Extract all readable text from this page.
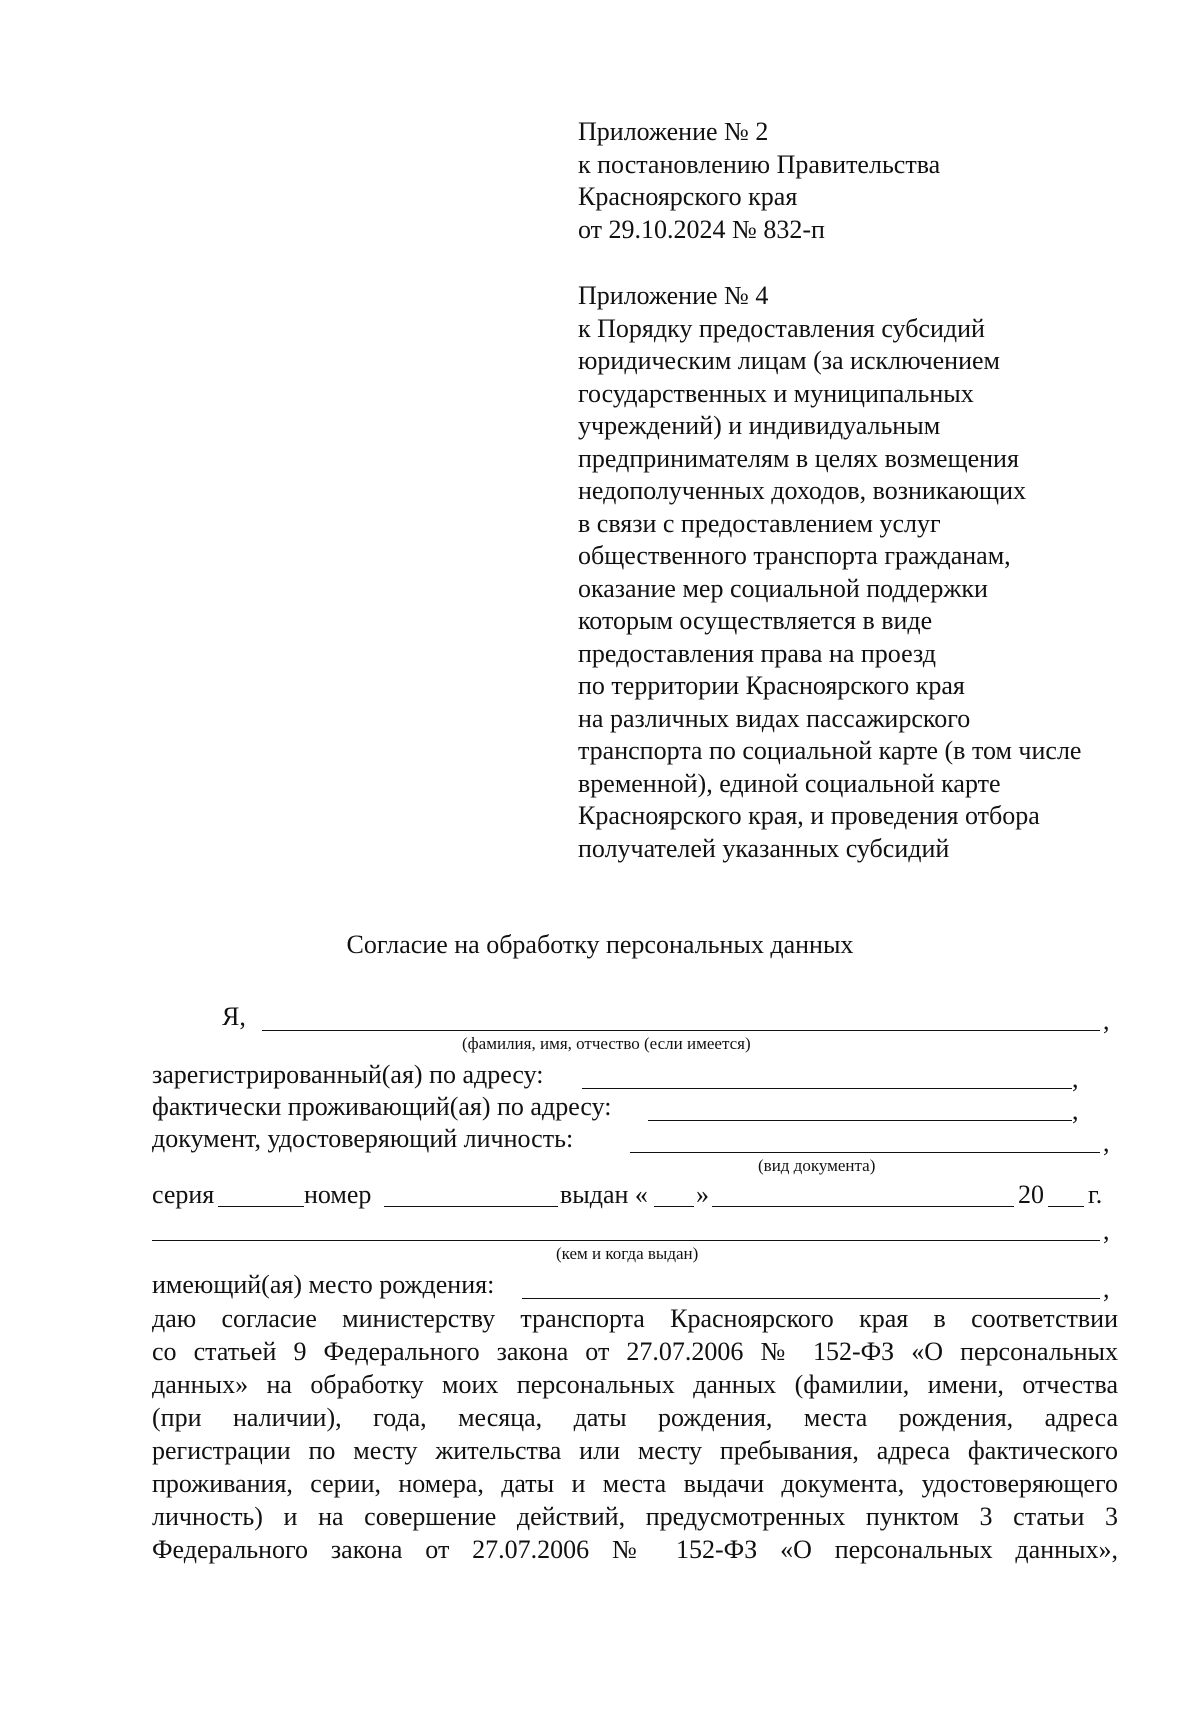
Приложение № 2
к постановлению Правительства
Красноярского края
от 29.10.2024 № 832-п
Приложение № 4
к Порядку предоставления субсидий
юридическим лицам (за исключением
государственных и муниципальных
учреждений) и индивидуальным
предпринимателям в целях возмещения
недополученных доходов, возникающих
в связи с предоставлением услуг
общественного транспорта гражданам,
оказание мер социальной поддержки
которым осуществляется в виде
предоставления права на проезд
по территории Красноярского края
на различных видах пассажирского
транспорта по социальной карте (в том числе
временной), единой социальной карте
Красноярского края, и проведения отбора
получателей указанных субсидий
Согласие на обработку персональных данных
Я,	,
(фамилия, имя, отчество (если имеется)
зарегистрированный(ая) по адресу:	,
фактически проживающий(ая) по адресу:	,
документ, удостоверяющий личность:	,
(вид документа)
серия	номер	выдан « »	20 г.
,
(кем и когда выдан)
имеющий(ая) место рождения:	,
даю согласие министерству транспорта Красноярского края в соответствии
со статьей 9 Федерального закона от 27.07.2006 № 152-ФЗ «О персональных
данных» на обработку моих персональных данных (фамилии, имени, отчества
(при наличии), года, месяца, даты рождения, места рождения, адреса
регистрации по месту жительства или месту пребывания, адреса фактического
проживания, серии, номера, даты и места выдачи документа, удостоверяющего
личность) и на совершение действий, предусмотренных пунктом 3 статьи 3
Федерального закона от 27.07.2006 № 152-ФЗ «О персональных данных»,
